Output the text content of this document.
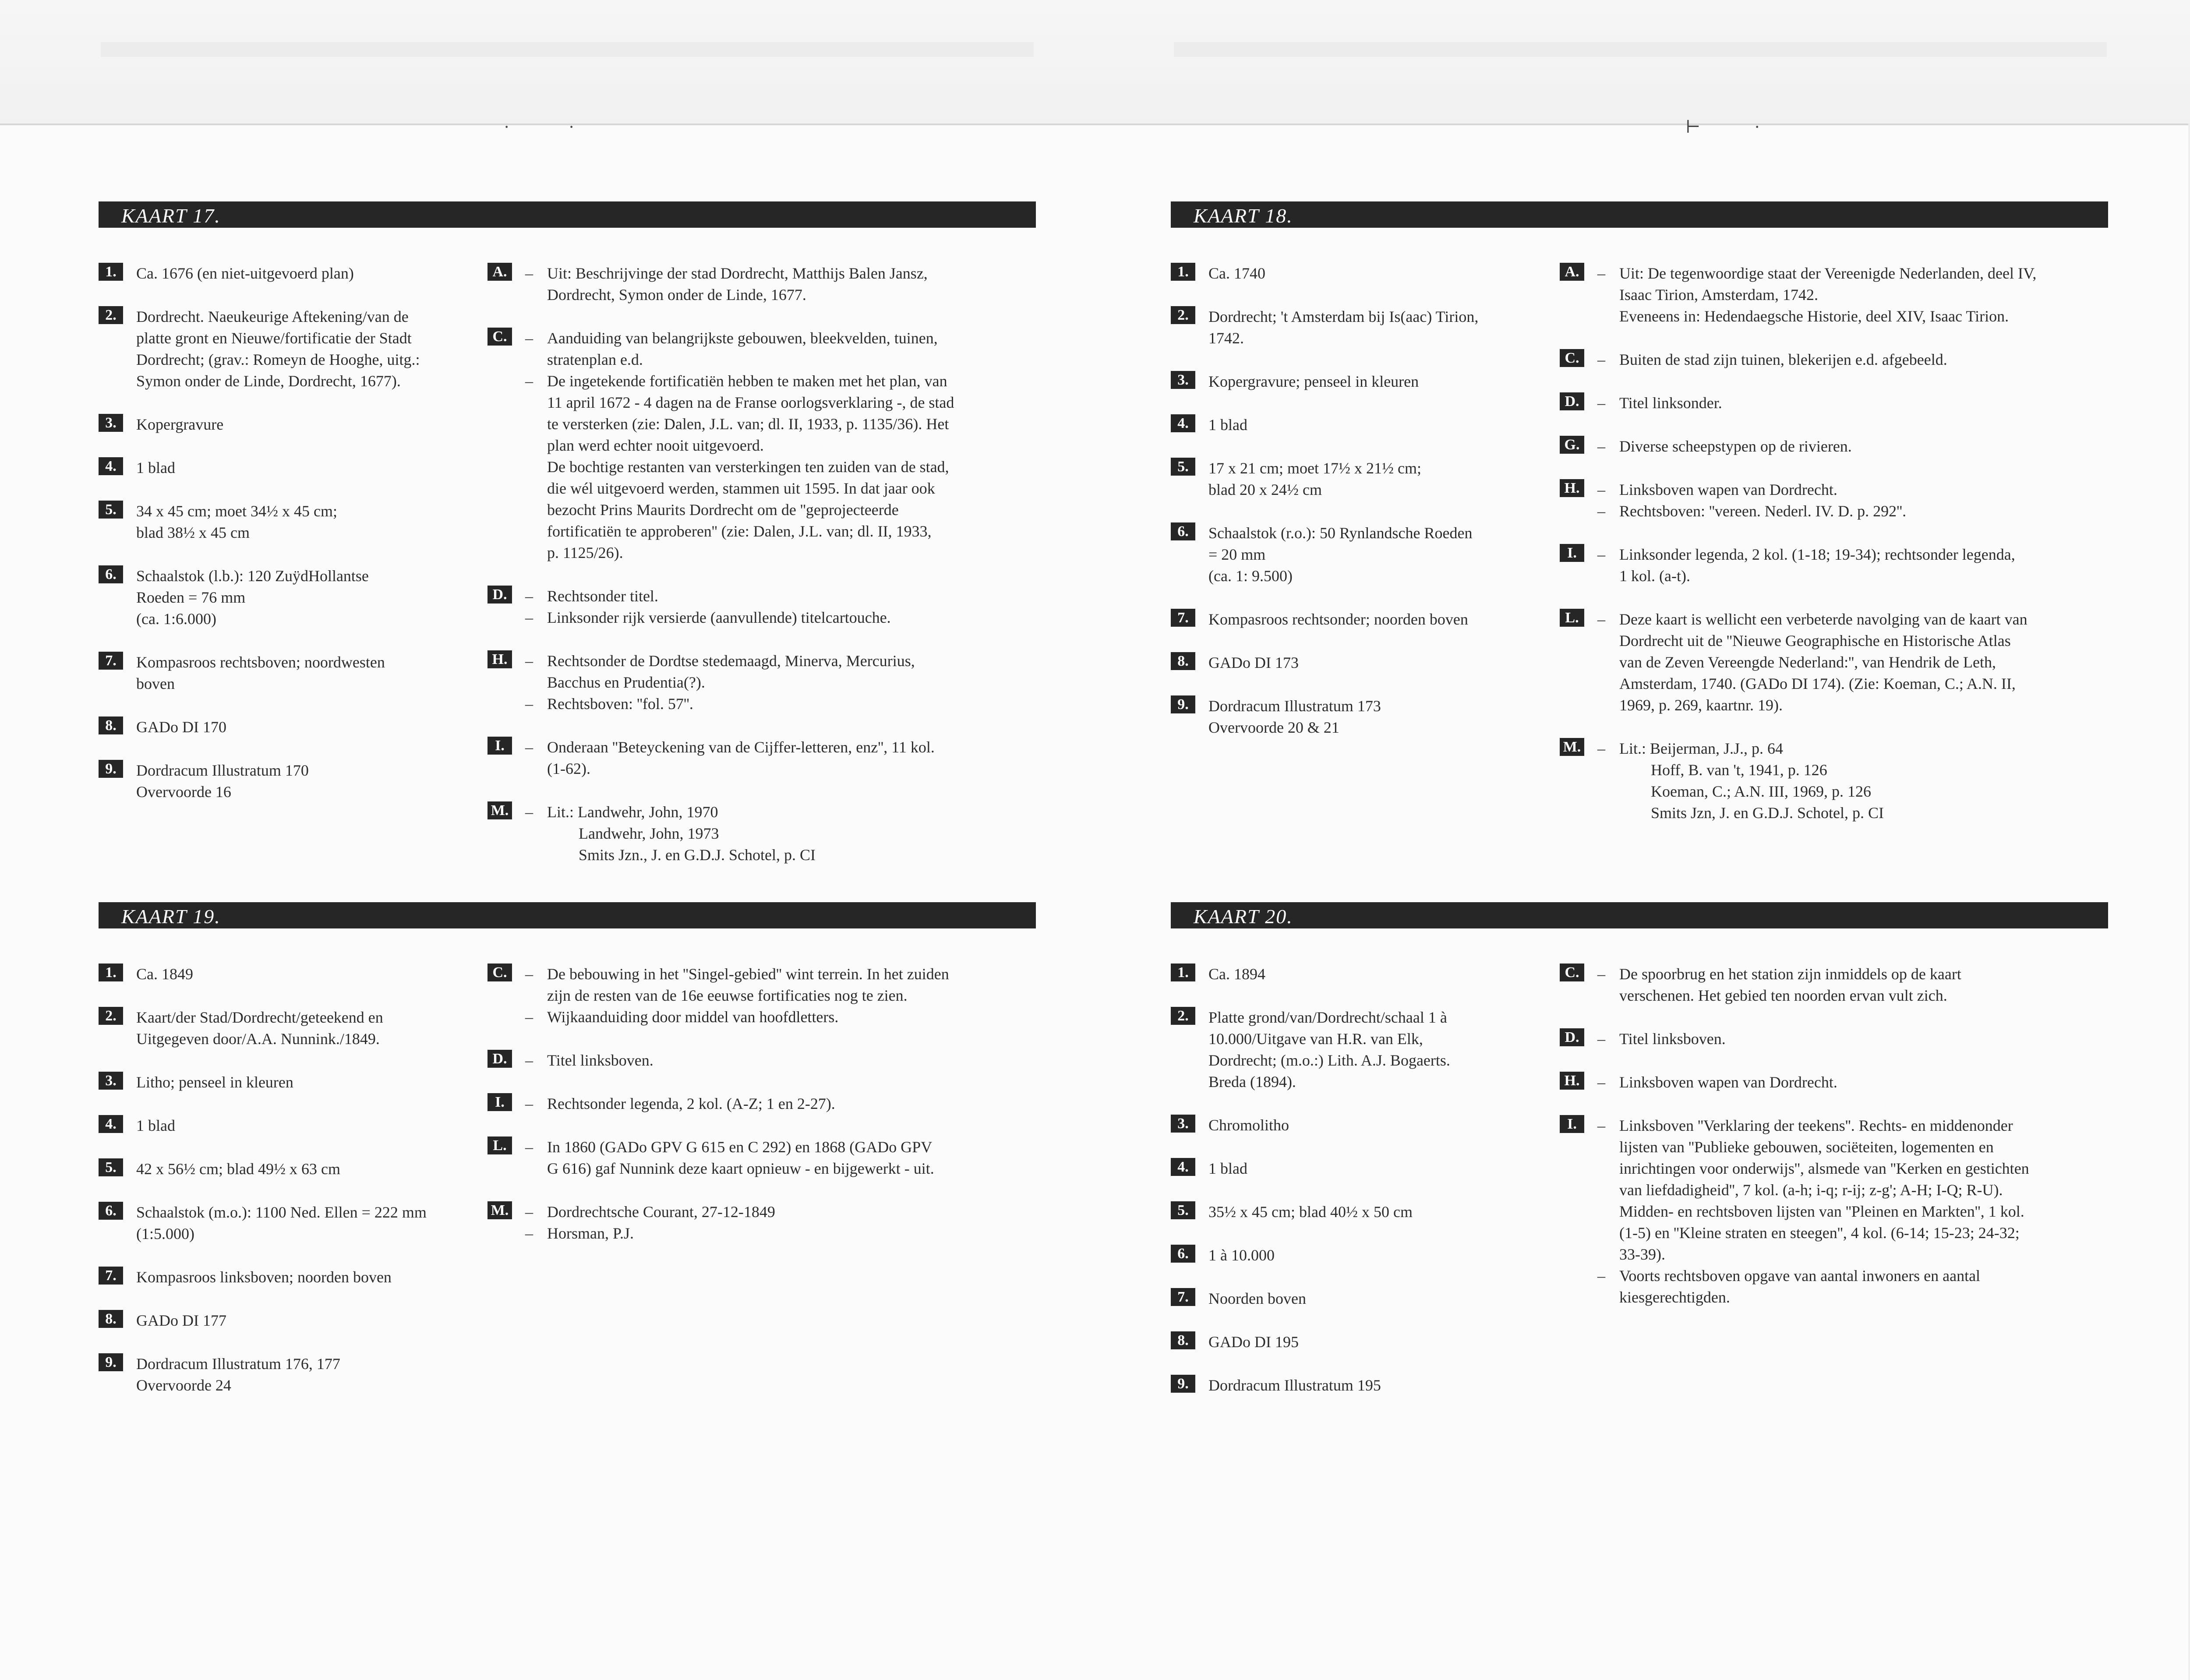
·	·	⊢	·
KAART 17.
1.	Ca. 1676 (en niet-uitgevoerd plan)
2.	Dordrecht. Naeukeurige Aftekening/van de
platte gront en Nieuwe/fortificatie der Stadt
Dordrecht; (grav.: Romeyn de Hooghe, uitg.:
Symon onder de Linde, Dordrecht, 1677).
3.	Kopergravure
4.	1 blad
5.	34 x 45 cm; moet 34½ x 45 cm;
blad 38½ x 45 cm
6.	Schaalstok (l.b.): 120 ZuÿdHollantse
Roeden = 76 mm
(ca. 1:6.000)
7.	Kompasroos rechtsboven; noordwesten
boven
8.	GADo DI 170
9.	Dordracum Illustratum 170
Overvoorde 16
A.	– Uit: Beschrijvinge der stad Dordrecht, Matthijs Balen Jansz,
Dordrecht, Symon onder de Linde, 1677.
C.	– Aanduiding van belangrijkste gebouwen, bleekvelden, tuinen,
stratenplan e.d.
– De ingetekende fortificatiën hebben te maken met het plan, van
11 april 1672 - 4 dagen na de Franse oorlogsverklaring -, de stad
te versterken (zie: Dalen, J.L. van; dl. II, 1933, p. 1135/36). Het
plan werd echter nooit uitgevoerd.
De bochtige restanten van versterkingen ten zuiden van de stad,
die wél uitgevoerd werden, stammen uit 1595. In dat jaar ook
bezocht Prins Maurits Dordrecht om de ''geprojecteerde
fortificatiën te approberen'' (zie: Dalen, J.L. van; dl. II, 1933,
p. 1125/26).
D.	– Rechtsonder titel.
– Linksonder rijk versierde (aanvullende) titelcartouche.
H. – Rechtsonder de Dordtse stedemaagd, Minerva, Mercurius,
Bacchus en Prudentia(?).
– Rechtsboven: ''fol. 57''.
I.	– Onderaan ''Beteyckening van de Cijffer-letteren, enz'', 11 kol.
(1-62).
M. – Lit.: Landwehr, John, 1970
Landwehr, John, 1973
Smits Jzn., J. en G.D.J. Schotel, p. CI
KAART 18.
1.	Ca. 1740
2.	Dordrecht; 't Amsterdam bij Is(aac) Tirion,
1742.
3.	Kopergravure; penseel in kleuren
4.	1 blad
5.	17 x 21 cm; moet 17½ x 21½ cm;
blad 20 x 24½ cm
6.	Schaalstok (r.o.): 50 Rynlandsche Roeden
= 20 mm
(ca. 1: 9.500)
7.	Kompasroos rechtsonder; noorden boven
8.	GADo DI 173
9.	Dordracum Illustratum 173
Overvoorde 20 & 21
A.	– Uit: De tegenwoordige staat der Vereenigde Nederlanden, deel IV,
Isaac Tirion, Amsterdam, 1742.
Eveneens in: Hedendaegsche Historie, deel XIV, Isaac Tirion.
C.	– Buiten de stad zijn tuinen, blekerijen e.d. afgebeeld.
D.	– Titel linksonder.
G. – Diverse scheepstypen op de rivieren.
H. – Linksboven wapen van Dordrecht.
– Rechtsboven: ''vereen. Nederl. IV. D. p. 292''.
I.	– Linksonder legenda, 2 kol. (1-18; 19-34); rechtsonder legenda,
1 kol. (a-t).
L.	– Deze kaart is wellicht een verbeterde navolging van de kaart van
Dordrecht uit de ''Nieuwe Geographische en Historische Atlas
van de Zeven Vereengde Nederland:'', van Hendrik de Leth,
Amsterdam, 1740. (GADo DI 174). (Zie: Koeman, C.; A.N. II,
1969, p. 269, kaartnr. 19).
M. – Lit.: Beijerman, J.J., p. 64
Hoff, B. van 't, 1941, p. 126
Koeman, C.; A.N. III, 1969, p. 126
Smits Jzn, J. en G.D.J. Schotel, p. CI
KAART 19.
1.	Ca. 1849
2.	Kaart/der Stad/Dordrecht/geteekend en
Uitgegeven door/A.A. Nunnink./1849.
3.	Litho; penseel in kleuren
4.	1 blad
5.	42 x 56½ cm; blad 49½ x 63 cm
6.	Schaalstok (m.o.): 1100 Ned. Ellen = 222 mm
(1:5.000)
7.	Kompasroos linksboven; noorden boven
8.	GADo DI 177
9.	Dordracum Illustratum 176, 177
Overvoorde 24
C.	– De bebouwing in het ''Singel-gebied'' wint terrein. In het zuiden
zijn de resten van de 16e eeuwse fortificaties nog te zien.
– Wijkaanduiding door middel van hoofdletters.
D.	– Titel linksboven.
I.	– Rechtsonder legenda, 2 kol. (A-Z; 1 en 2-27).
L.	– In 1860 (GADo GPV G 615 en C 292) en 1868 (GADo GPV
G 616) gaf Nunnink deze kaart opnieuw - en bijgewerkt - uit.
M. – Dordrechtsche Courant, 27-12-1849
– Horsman, P.J.
KAART 20.
1.	Ca. 1894
2.	Platte grond/van/Dordrecht/schaal 1 à
10.000/Uitgave van H.R. van Elk,
Dordrecht; (m.o.:) Lith. A.J. Bogaerts.
Breda (1894).
3.	Chromolitho
4.	1 blad
5.	35½ x 45 cm; blad 40½ x 50 cm
6.	1 à 10.000
7.	Noorden boven
8.	GADo DI 195
9.	Dordracum Illustratum 195
C.	– De spoorbrug en het station zijn inmiddels op de kaart
verschenen. Het gebied ten noorden ervan vult zich.
D.	– Titel linksboven.
H. – Linksboven wapen van Dordrecht.
I.	– Linksboven ''Verklaring der teekens''. Rechts- en middenonder
lijsten van ''Publieke gebouwen, sociëteiten, logementen en
inrichtingen voor onderwijs'', alsmede van ''Kerken en gestichten
van liefdadigheid'', 7 kol. (a-h; i-q; r-ij; z-g'; A-H; I-Q; R-U).
Midden- en rechtsboven lijsten van ''Pleinen en Markten'', 1 kol.
(1-5) en ''Kleine straten en steegen'', 4 kol. (6-14; 15-23; 24-32;
33-39).
– Voorts rechtsboven opgave van aantal inwoners en aantal
kiesgerechtigden.
